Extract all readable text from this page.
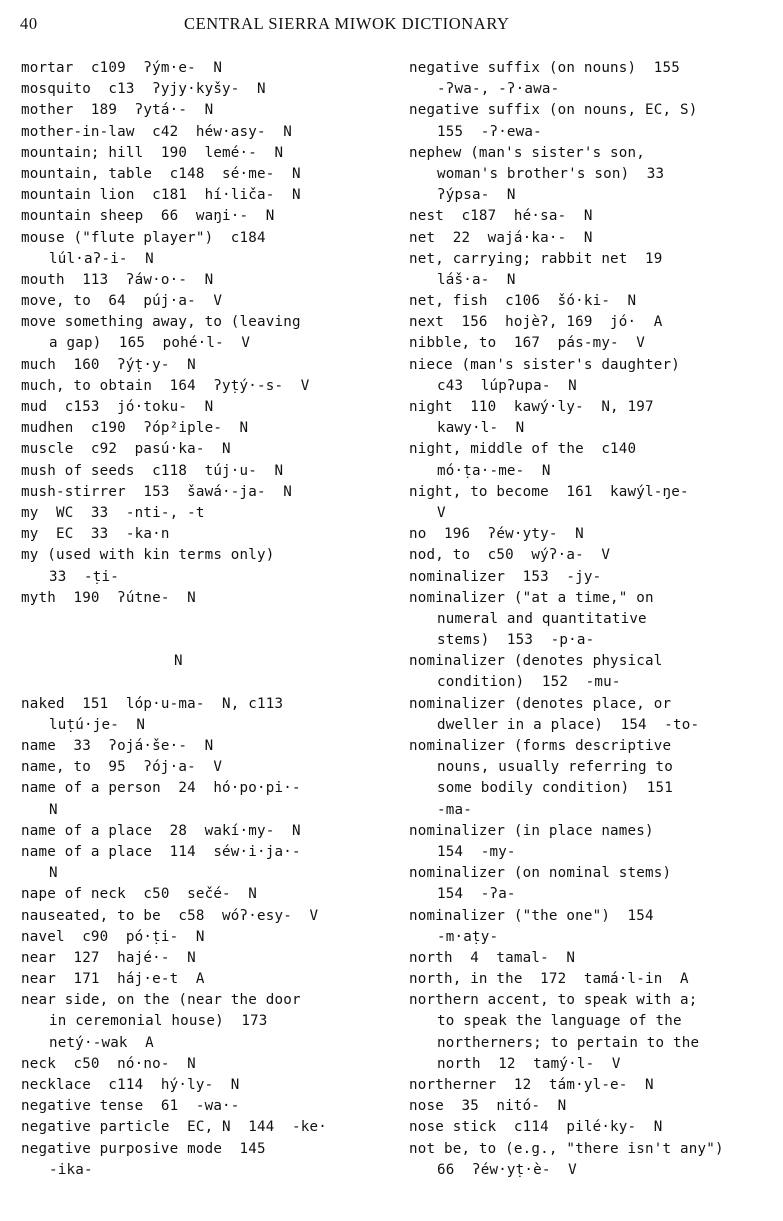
40	CENTRAL SIERRA MIWOK DICTIONARY
mortar  c109  ʔým·e-  N
mosquito  c13  ʔyjy·kyšy-  N
mother  189  ʔytá·-  N
mother-in-law  c42  héw·asy-  N
mountain; hill  190  lemé·-  N
mountain, table  c148  sé·me-  N
mountain lion  c181  hí·liča-  N
mountain sheep  66  waŋi·-  N
mouse ("flute player")  c184
lúl·aʔ-i-  N
mouth  113  ʔáw·o·-  N
move, to  64  púj·a-  V
move something away, to (leaving
a gap)  165  pohé·l-  V
much  160  ʔýṭ·y-  N
much, to obtain  164  ʔyṭý·-s-  V
mud  c153  jó·toku-  N
mudhen  c190  ʔóp²iple-  N
muscle  c92  pasú·ka-  N
mush of seeds  c118  túj·u-  N
mush-stirrer  153  šawá·-ja-  N
my  WC  33  -nti-, -t
my  EC  33  -ka·n
my (used with kin terms only)
33  -ṭi-
myth  190  ʔútne-  N
N
naked  151  lóp·u-ma-  N, c113
luṭú·je-  N
name  33  ʔojá·še·-  N
name, to  95  ʔój·a-  V
name of a person  24  hó·po·pi·-
N
name of a place  28  wakí·my-  N
name of a place  114  séw·i·ja·-
N
nape of neck  c50  sečé-  N
nauseated, to be  c58  wóʔ·esy-  V
navel  c90  pó·ṭi-  N
near  127  hajé·-  N
near  171  háj·e-t  A
near side, on the (near the door
in ceremonial house)  173
netý·-wak  A
neck  c50  nó·no-  N
necklace  c114  hý·ly-  N
negative tense  61  -wa·-
negative particle  EC, N  144  -ke·
negative purposive mode  145
-ika-
negative suffix (on nouns)  155
-ʔwa-, -ʔ·awa-
negative suffix (on nouns, EC, S)
155  -ʔ·ewa-
nephew (man's sister's son,
woman's brother's son)  33
ʔýpsa-  N
nest  c187  hé·sa-  N
net  22  wajá·ka·-  N
net, carrying; rabbit net  19
láš·a-  N
net, fish  c106  šó·ki-  N
next  156  hojèʔ, 169  jó·  A
nibble, to  167  pás-my-  V
niece (man's sister's daughter)
c43  lúpʔupa-  N
night  110  kawý·ly-  N, 197
kawy·l-  N
night, middle of the  c140
mó·ṭa·-me-  N
night, to become  161  kawýl-ŋe-
V
no  196  ʔéw·yty-  N
nod, to  c50  wýʔ·a-  V
nominalizer  153  -jy-
nominalizer ("at a time," on
numeral and quantitative
stems)  153  -p·a-
nominalizer (denotes physical
condition)  152  -mu-
nominalizer (denotes place, or
dweller in a place)  154  -to-
nominalizer (forms descriptive
nouns, usually referring to
some bodily condition)  151
-ma-
nominalizer (in place names)
154  -my-
nominalizer (on nominal stems)
154  -ʔa-
nominalizer ("the one")  154
-m·aṭy-
north  4  tamal-  N
north, in the  172  tamá·l-in  A
northern accent, to speak with a;
to speak the language of the
northerners; to pertain to the
north  12  tamý·l-  V
northerner  12  tám·yl-e-  N
nose  35  nitó-  N
nose stick  c114  pilé·ky-  N
not be, to (e.g., "there isn't any")
66  ʔéw·yṭ·è-  V
